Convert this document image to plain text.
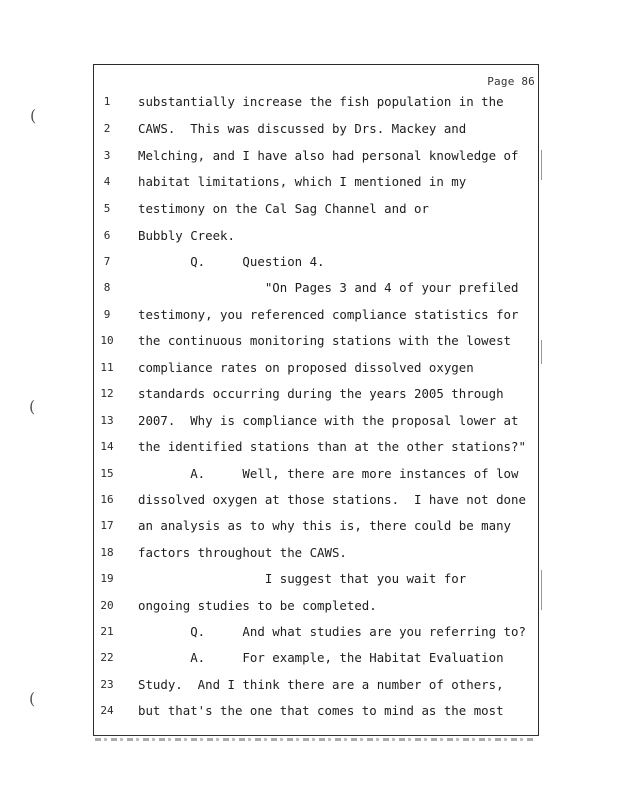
Page 86
(
(
(
1	substantially increase the fish population in the
2	CAWS.  This was discussed by Drs. Mackey and
3	Melching, and I have also had personal knowledge of
4	habitat limitations, which I mentioned in my
5	testimony on the Cal Sag Channel and or
6	Bubbly Creek.
7	Q.     Question 4.
8	"On Pages 3 and 4 of your prefiled
9	testimony, you referenced compliance statistics for
10	the continuous monitoring stations with the lowest
11	compliance rates on proposed dissolved oxygen
12	standards occurring during the years 2005 through
13	2007.  Why is compliance with the proposal lower at
14	the identified stations than at the other stations?"
15	A.     Well, there are more instances of low
16	dissolved oxygen at those stations.  I have not done
17	an analysis as to why this is, there could be many
18	factors throughout the CAWS.
19	I suggest that you wait for
20	ongoing studies to be completed.
21	Q.     And what studies are you referring to?
22	A.     For example, the Habitat Evaluation
23	Study.  And I think there are a number of others,
24	but that's the one that comes to mind as the most
